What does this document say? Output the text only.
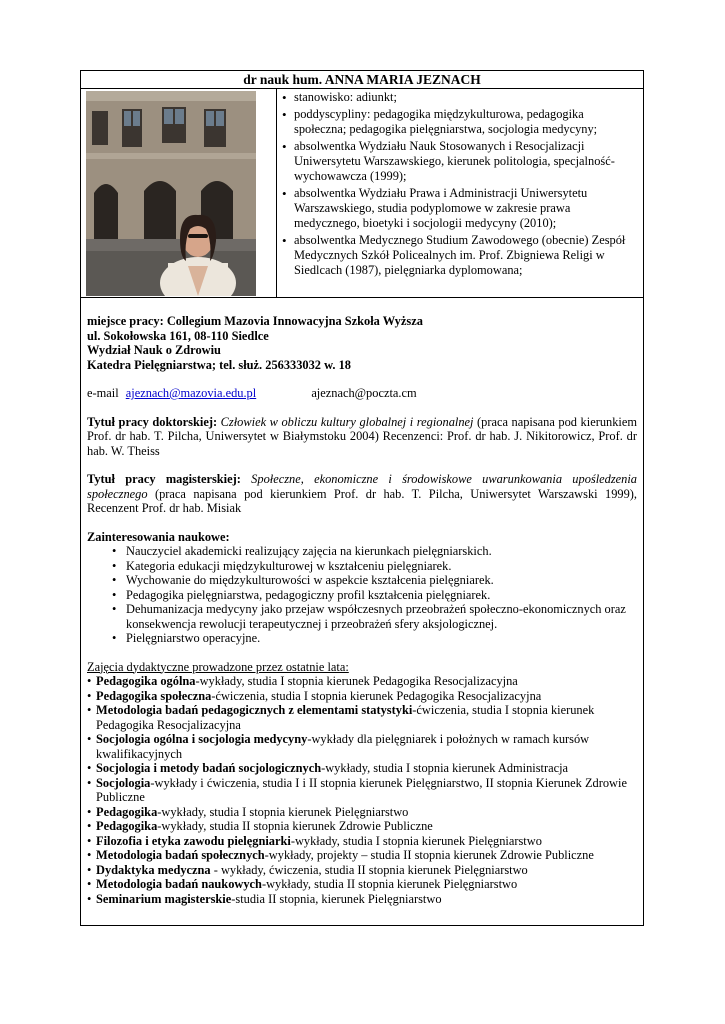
dr nauk hum. ANNA MARIA JEZNACH
• stanowisko: adiunkt;
• poddyscypliny: pedagogika międzykulturowa, pedagogika społeczna; pedagogika pielęgniarstwa, socjologia medycyny;
• absolwentka Wydziału Nauk Stosowanych i Resocjalizacji Uniwersytetu Warszawskiego, kierunek politologia, specjalność- wychowawcza (1999);
• absolwentka Wydziału Prawa i Administracji Uniwersytetu Warszawskiego, studia podyplomowe w zakresie prawa medycznego, bioetyki i socjologii medycyny (2010);
• absolwentka Medycznego Studium Zawodowego (obecnie) Zespół Medycznych Szkół Policealnych im. Prof. Zbigniewa Religi w Siedlcach (1987), pielęgniarka dyplomowana;

miejsce pracy: Collegium Mazovia Innowacyjna Szkoła Wyższa

ul. Sokołowska 161, 08-110 Siedlce

Wydział Nauk o Zdrowiu

Katedra Pielęgniarstwa; tel. służ. 256333032 w. 18

e-mail ajeznach@mazovia.edu.pl	ajeznach@poczta.cm

Tytuł pracy doktorskiej: Człowiek w obliczu kultury globalnej i regionalnej (praca napisana pod kierunkiem Prof. dr hab. T. Pilcha, Uniwersytet w Białymstoku 2004) Recenzenci: Prof. dr hab. J. Nikitorowicz, Prof. dr hab. W. Theiss

Tytuł pracy magisterskiej: Społeczne, ekonomiczne i środowiskowe uwarunkowania upośledzenia społecznego (praca napisana pod kierunkiem Prof. dr hab. T. Pilcha, Uniwersytet Warszawski 1999), Recenzent Prof. dr hab. Misiak

Zainteresowania naukowe:

• Nauczyciel akademicki realizujący zajęcia na kierunkach pielęgniarskich.
• Kategoria edukacji międzykulturowej w kształceniu pielęgniarek.
• Wychowanie do międzykulturowości w aspekcie kształcenia pielęgniarek.
• Pedagogika pielęgniarstwa, pedagogiczny profil kształcenia pielęgniarek.
• Dehumanizacja medycyny jako przejaw współczesnych przeobrażeń społeczno-ekonomicznych oraz konsekwencja rewolucji terapeutycznej i przeobrażeń sfery aksjologicznej.
• Pielęgniarstwo operacyjne.

Zajęcia dydaktyczne prowadzone przez ostatnie lata:

• Pedagogika ogólna-wykłady, studia I stopnia kierunek Pedagogika Resocjalizacyjna
• Pedagogika społeczna-ćwiczenia, studia I stopnia kierunek Pedagogika Resocjalizacyjna
• Metodologia badań pedagogicznych z elementami statystyki-ćwiczenia, studia I stopnia kierunek Pedagogika Resocjalizacyjna
• Socjologia ogólna i socjologia medycyny-wykłady dla pielęgniarek i położnych w ramach kursów kwalifikacyjnych
• Socjologia i metody badań socjologicznych-wykłady, studia I stopnia kierunek Administracja
• Socjologia-wykłady i ćwiczenia, studia I i II stopnia kierunek Pielęgniarstwo, II stopnia Kierunek Zdrowie Publiczne
• Pedagogika-wykłady, studia I stopnia kierunek Pielęgniarstwo
• Pedagogika-wykłady, studia II stopnia kierunek Zdrowie Publiczne
• Filozofia i etyka zawodu pielęgniarki-wykłady, studia I stopnia kierunek Pielęgniarstwo
• Metodologia badań społecznych-wykłady, projekty – studia II stopnia kierunek Zdrowie Publiczne
• Dydaktyka medyczna - wykłady, ćwiczenia, studia II stopnia kierunek Pielęgniarstwo
• Metodologia badań naukowych-wykłady, studia II stopnia kierunek Pielęgniarstwo
• Seminarium magisterskie-studia II stopnia, kierunek Pielęgniarstwo
